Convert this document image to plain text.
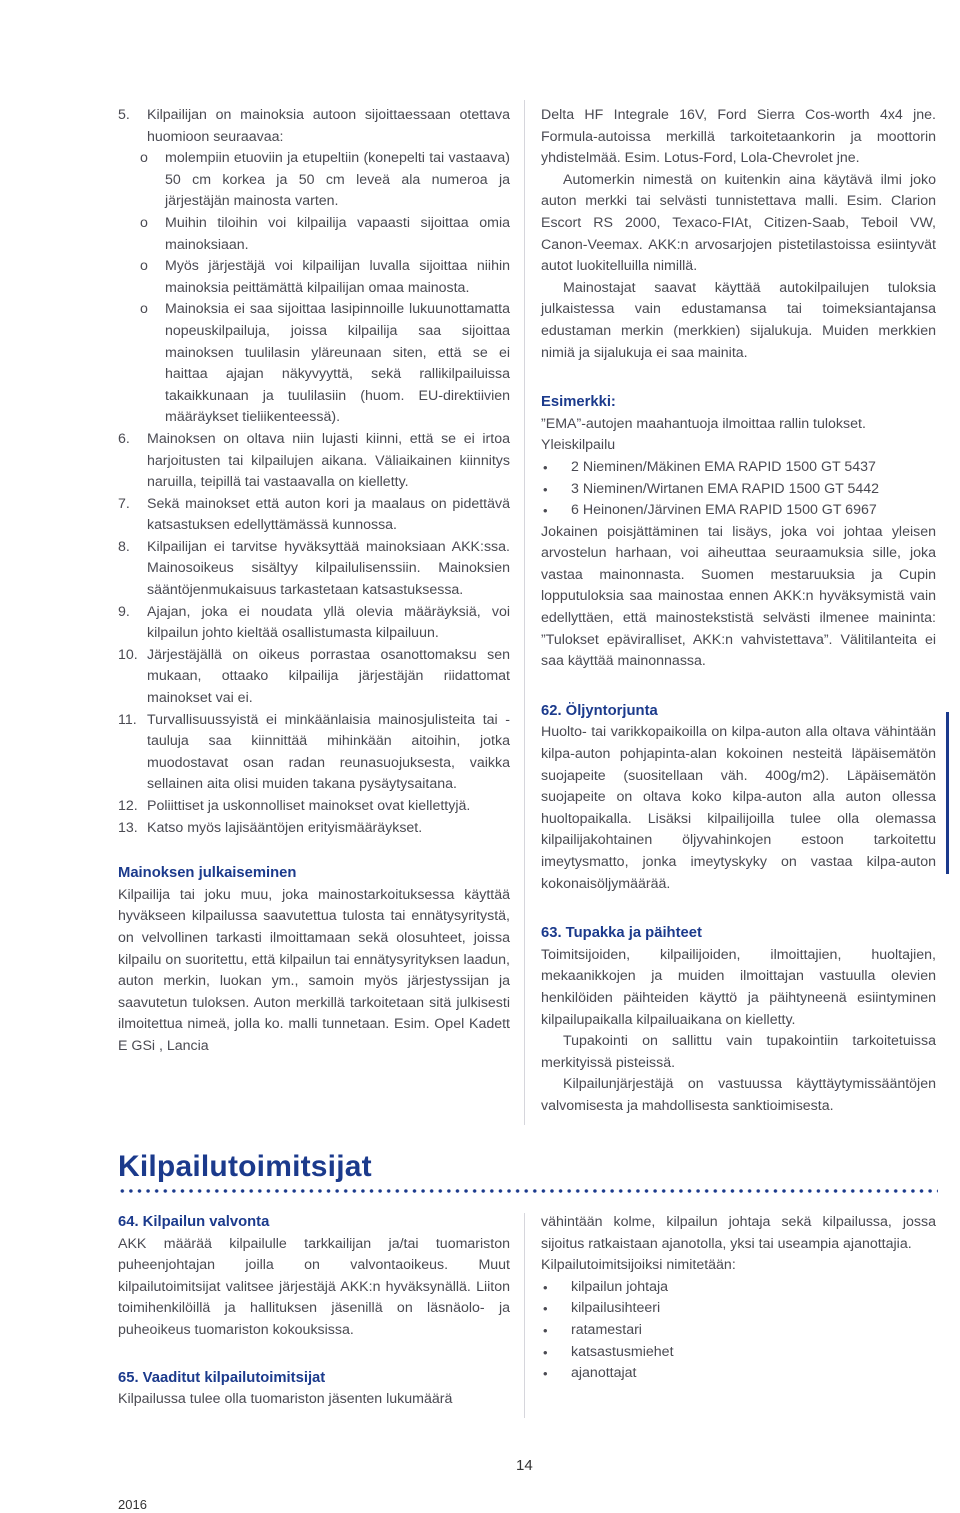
5.	Kilpailijan on mainoksia autoon sijoittaessaan otettava huomioon seuraavaa:
o	molempiin etuoviin ja etupeltiin (konepelti tai vastaava) 50 cm korkea ja 50 cm leveä ala numeroa ja järjestäjän mainosta varten.
o	Muihin tiloihin voi kilpailija vapaasti sijoittaa omia mainoksiaan.
o	Myös järjestäjä voi kilpailijan luvalla sijoittaa niihin mainoksia peittämättä kilpailijan omaa mainosta.
o	Mainoksia ei saa sijoittaa lasipinnoille lukuunottamatta nopeuskilpailuja, joissa kilpailija saa sijoittaa mainoksen tuulilasin yläreunaan siten, että se ei haittaa ajajan näkyvyyttä, sekä rallikilpailuissa takaikkunaan ja tuulilasiin (huom. EU-direktiivien määräykset tieliikenteessä).
6.	Mainoksen on oltava niin lujasti kiinni, että se ei irtoa harjoitusten tai kilpailujen aikana. Väliaikainen kiinnitys naruilla, teipillä tai vastaavalla on kielletty.
7.	Sekä mainokset että auton kori ja maalaus on pidettävä katsastuksen edellyttämässä kunnossa.
8.	Kilpailijan ei tarvitse hyväksyttää mainoksiaan AKK:ssa. Mainosoikeus sisältyy kilpailulisenssiin. Mainoksien sääntöjenmukaisuus tarkastetaan katsastuksessa.
9.	Ajajan, joka ei noudata yllä olevia määräyksiä, voi kilpailun johto kieltää osallistumasta kilpailuun.
10. Järjestäjällä on oikeus porrastaa osanottomaksu sen mukaan, ottaako kilpailija järjestäjän riidattomat mainokset vai ei.
11. Turvallisuussyistä ei minkäänlaisia mainosjulisteita tai -tauluja saa kiinnittää mihinkään aitoihin, jotka muodostavat osan radan reunasuojuksesta, vaikka sellainen aita olisi muiden takana pysäytysaitana.
12. Poliittiset ja uskonnolliset mainokset ovat kiellettyjä.
13. Katso myös lajisääntöjen erityismääräykset.

Mainoksen julkaiseminen

Kilpailija tai joku muu, joka mainostarkoituksessa käyttää hyväkseen kilpailussa saavutettua tulosta tai ennätysyritystä, on velvollinen tarkasti ilmoittamaan sekä olosuhteet, joissa kilpailu on suoritettu, että kilpailun tai ennätysyrityksen laadun, auton merkin, luokan ym., samoin myös järjestyssijan ja saavutetun tuloksen. Auton merkillä tarkoitetaan sitä julkisesti ilmoitettua nimeä, jolla ko. malli tunnetaan. Esim. Opel Kadett E GSi , Lancia

Delta HF Integrale 16V, Ford Sierra Cos-worth 4x4 jne. Formula-autoissa merkillä tarkoitetaankorin ja moottorin yhdistelmää. Esim. Lotus-Ford, Lola-Chevrolet jne.

Automerkin nimestä on kuitenkin aina käytävä ilmi joko auton merkki tai selvästi tunnistettava malli. Esim. Clarion Escort RS 2000, Texaco-FIAt, Citizen-Saab, Teboil VW, Canon-Veemax. AKK:n arvosarjojen pistetilastoissa esiintyvät autot luokitelluilla nimillä.

Mainostajat saavat käyttää autokilpailujen tuloksia julkaistessa vain edustamansa tai toimeksiantajansa edustaman merkin (merkkien) sijalukuja. Muiden merkkien nimiä ja sijalukuja ei saa mainita.

Esimerkki:

”EMA”-autojen maahantuoja ilmoittaa rallin tulokset.

Yleiskilpailu

•	2 Nieminen/Mäkinen EMA RAPID 1500 GT 5437
•	3 Nieminen/Wirtanen EMA RAPID 1500 GT 5442
•	6 Heinonen/Järvinen EMA RAPID 1500 GT 6967

Jokainen poisjättäminen tai lisäys, joka voi johtaa yleisen arvostelun harhaan, voi aiheuttaa seuraamuksia sille, joka vastaa mainonnasta. Suomen mestaruuksia ja Cupin lopputuloksia saa mainostaa ennen AKK:n hyväksymistä vain edellyttäen, että mainostekstistä selvästi ilmenee maininta: ”Tulokset epäviralliset, AKK:n vahvistettava”. Välitilanteita ei saa käyttää mainonnassa.

62. Öljyntorjunta

Huolto- tai varikkopaikoilla on kilpa-auton alla oltava vähintään kilpa-auton pohjapinta-alan kokoinen nesteitä läpäisemätön suojapeite (suositellaan väh. 400g/m2). Läpäisemätön suojapeite on oltava koko kilpa-auton alla auton ollessa huoltopaikalla. Lisäksi kilpailijoilla tulee olla olemassa kilpailijakohtainen öljyvahinkojen estoon tarkoitettu imeytysmatto, jonka imeytyskyky on vastaa kilpa-auton kokonaisöljymäärää.

63. Tupakka ja päihteet

Toimitsijoiden, kilpailijoiden, ilmoittajien, huoltajien, mekaanikkojen ja muiden ilmoittajan vastuulla olevien henkilöiden päihteiden käyttö ja päihtyneenä esiintyminen kilpailupaikalla kilpailuaikana on kielletty.

Tupakointi on sallittu vain tupakointiin tarkoitetuissa merkityissä pisteissä.

Kilpailunjärjestäjä on vastuussa käyttäytymissääntöjen valvomisesta ja mahdollisesta sanktioimisesta.

Kilpailutoimitsijat

64. Kilpailun valvonta

AKK määrää kilpailulle tarkkailijan ja/tai tuomariston puheenjohtajan joilla on valvontaoikeus. Muut kilpailutoimitsijat valitsee järjestäjä AKK:n hyväksynällä. Liiton toimihenkilöillä ja hallituksen jäsenillä on läsnäolo- ja puheoikeus tuomariston kokouksissa.

65. Vaaditut kilpailutoimitsijat

Kilpailussa tulee olla tuomariston jäsenten lukumäärä

vähintään kolme, kilpailun johtaja sekä kilpailussa, jossa sijoitus ratkaistaan ajanotolla, yksi tai useampia ajanottajia.

Kilpailutoimitsijoiksi nimitetään:

•	kilpailun johtaja
•	kilpailusihteeri
•	ratamestari
•	katsastusmiehet
•	ajanottajat
14
2016
